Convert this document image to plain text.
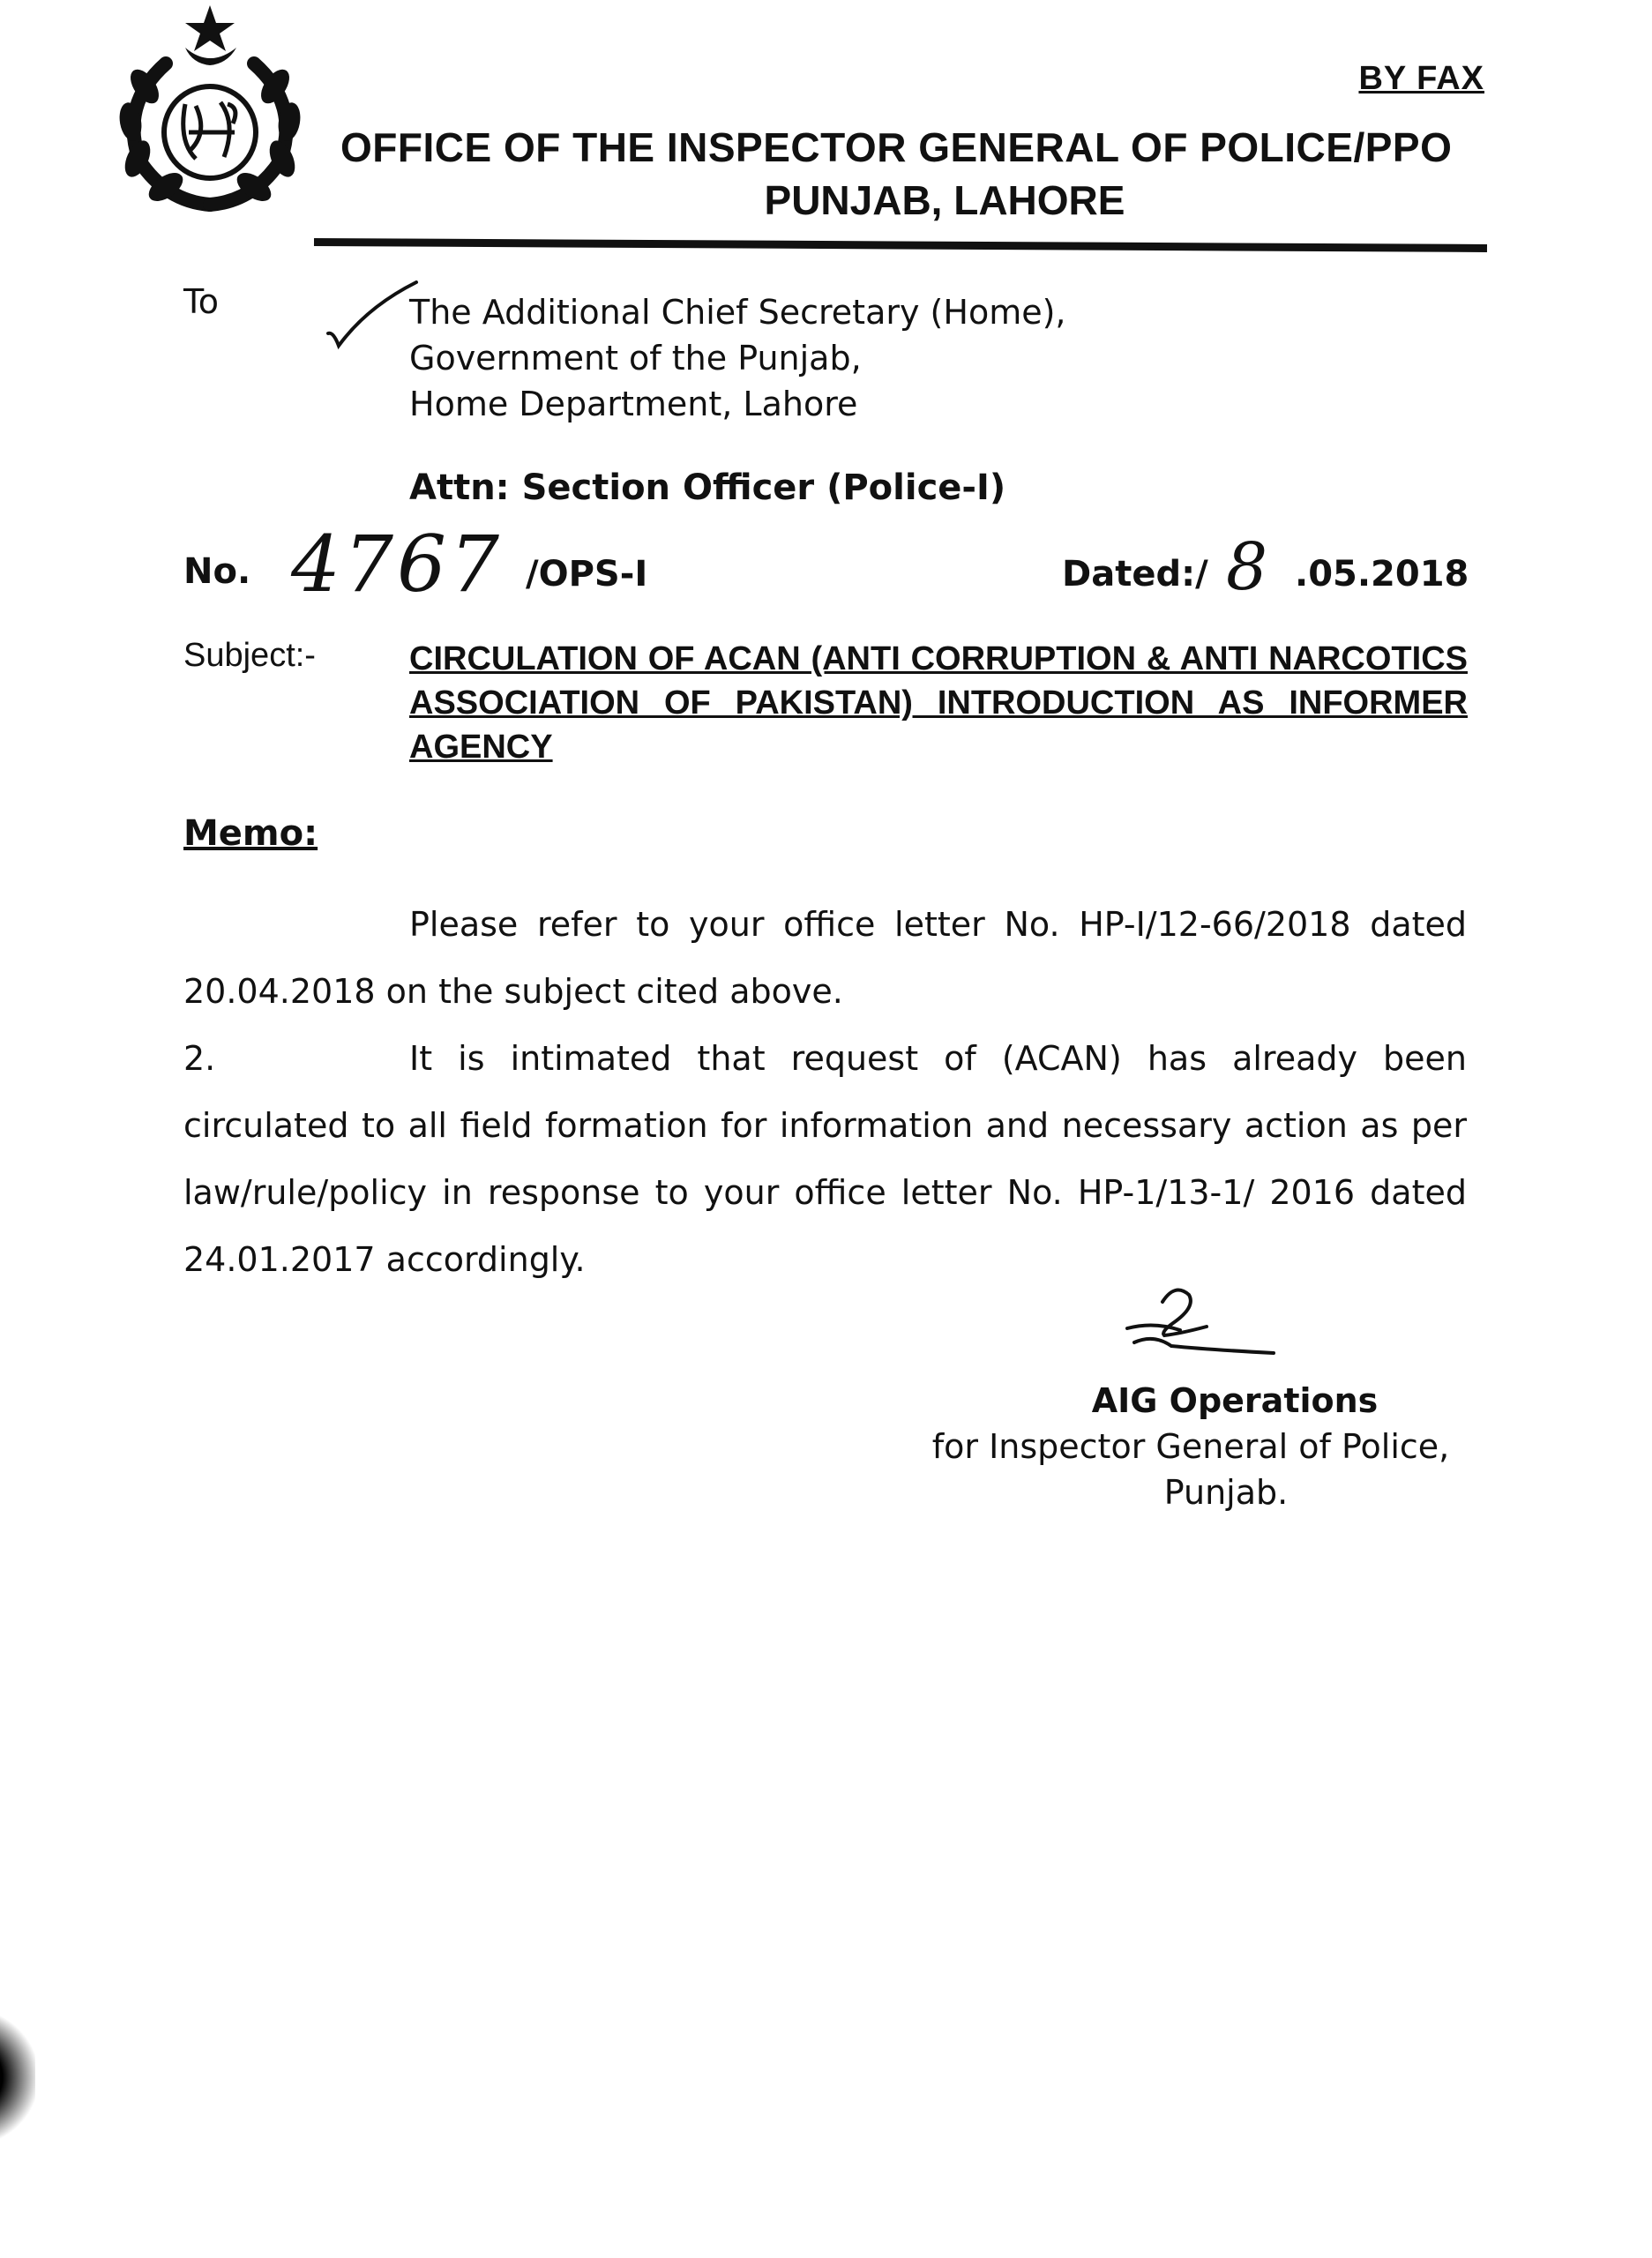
BY FAX
OFFICE OF THE INSPECTOR GENERAL OF POLICE/PPO
PUNJAB, LAHORE
To	The Additional Chief Secretary (Home),
Government of the Punjab,
Home Department, Lahore
Attn: Section Officer (Police-I)
No. 4767 /OPS-I	Dated:/ 8 .05.2018
Subject:-	CIRCULATION OF ACAN (ANTI CORRUPTION & ANTI NARCOTICS ASSOCIATION OF PAKISTAN) INTRODUCTION AS INFORMER AGENCY
Memo:
Please refer to your office letter No. HP-I/12-66/2018 dated 20.04.2018 on the subject cited above.
2.	It is intimated that request of (ACAN) has already been circulated to all field formation for information and necessary action as per law/rule/policy in response to your office letter No. HP-1/13-1/ 2016 dated 24.01.2017 accordingly.
AIG Operations
for Inspector General of Police,
Punjab.
